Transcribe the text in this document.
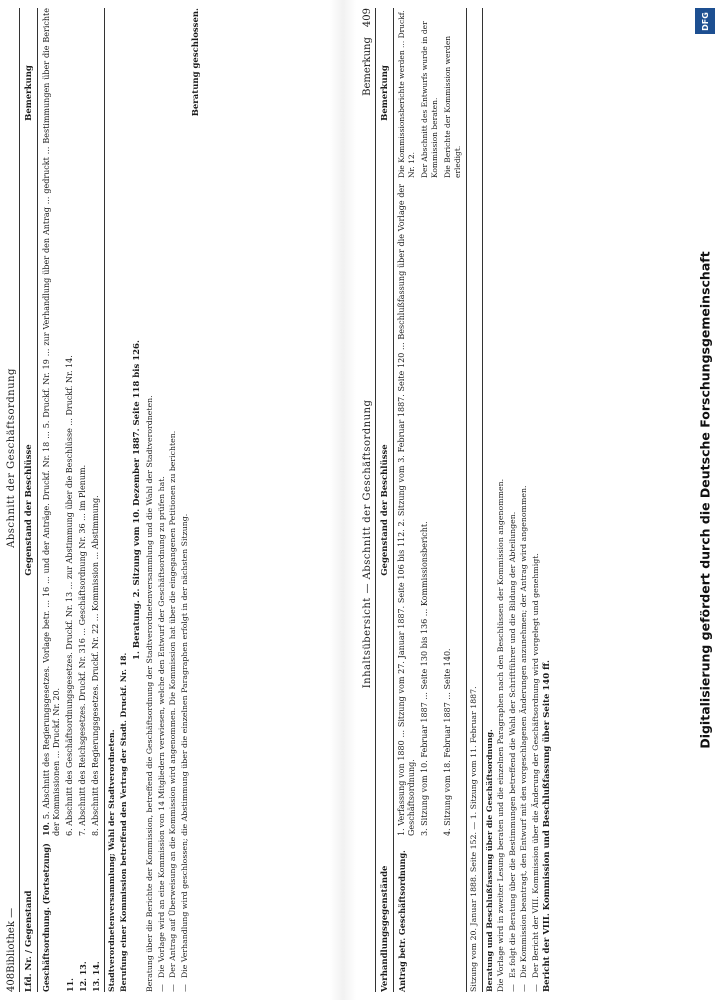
408
Bibliothek —
Abschnitt der Geschäftsordnung
Lfd. Nr. / Gegenstand
Gegenstand der Beschlüsse
Bemerkung
Geschäftsordnung. (Fortsetzung)
10. 5. Abschnitt des Regierungsgesetzes. Vorlage betr. ... 16 ... und der Anträge. Druckf. Nr. 18 ... 5. Druckf. Nr. 19 ... zur Verhandlung über den Antrag ... gedruckt ... Bestimmungen über die Berichte der Kommissionen ... Druckf. Nr. 20.
11.
6. Abschnitt des Geschäftsordnungsgesetzes. Druckf. Nr. 13 ... zur Abstimmung über die Beschlüsse ... Druckf. Nr. 14.
12. 13.
7. Abschnitt des Reichsgesetzes. Druckf. Nr. 316 ... Geschäftsordnung Nr. 36 ... im Plenum.
13. 14.
8. Abschnitt des Regierungsgesetzes. Druckf. Nr. 22 ... Kommission ... Abstimmung.
Stadtverordnetenversammlung; Wahl der Stadtverordneten. Berufung einer Kommission betreffend den Vertrag der Stadt. Druckf. Nr. 18.
1. Beratung. 2. Sitzung vom 10. Dezember 1887. Seite 118 bis 126. Beratung über die Berichte der Kommission, betreffend die Geschäftsordnung der Stadtverordnetenversammlung und die Wahl der Stadtverordneten. —Die Vorlage wird an eine Kommission von 14 Mitgliedern verwiesen, welche den Entwurf der Geschäftsordnung zu prüfen hat.
—Der Antrag auf Überweisung an die Kommission wird angenommen. Die Kommission hat über die eingegangenen Petitionen zu berichten.
—Die Verhandlung wird geschlossen; die Abstimmung über die einzelnen Paragraphen erfolgt in der nächsten Sitzung.
Beratung geschlossen.
Inhaltsübersicht — Abschnitt der Geschäftsordnung
Bemerkung
409
Verhandlungsgegenstände
Gegenstand der Beschlüsse
Bemerkung
Antrag betr. Geschäftsordnung.
1. Verfassung von 1880 ... Sitzung vom 27. Januar 1887. Seite 106 bis 112. 2. Sitzung vom 3. Februar 1887. Seite 120 ... Beschlußfassung über die Vorlage der Geschäftsordnung.
Die Kommissionsberichte werden ... Druckf. Nr. 12.
3. Sitzung vom 10. Februar 1887 ... Seite 130 bis 136 ... Kommissionsbericht.
Der Abschnitt des Entwurfs wurde in der Kommission beraten.
4. Sitzung vom 18. Februar 1887 ... Seite 140.
Die Berichte der Kommission werden erledigt.
Sitzung vom 20. Januar 1888. Seite 152. — 1. Sitzung vom 11. Februar 1887. Beratung und Beschlußfassung über die Geschäftsordnung. Die Vorlage wird in zweiter Lesung beraten und die einzelnen Paragraphen nach den Beschlüssen der Kommission angenommen. —Es folgt die Beratung über die Bestimmungen betreffend die Wahl der Schriftführer und die Bildung der Abteilungen.
—Die Kommission beantragt, den Entwurf mit den vorgeschlagenen Änderungen anzunehmen; der Antrag wird angenommen.
—Der Bericht der VIII. Kommission über die Änderung der Geschäftsordnung wird vorgelegt und genehmigt. Bericht der VIII. Kommission und Beschlußfassung über Seite 140 ff.
DFG
Digitalisierung gefördert durch die Deutsche Forschungsgemeinschaft
